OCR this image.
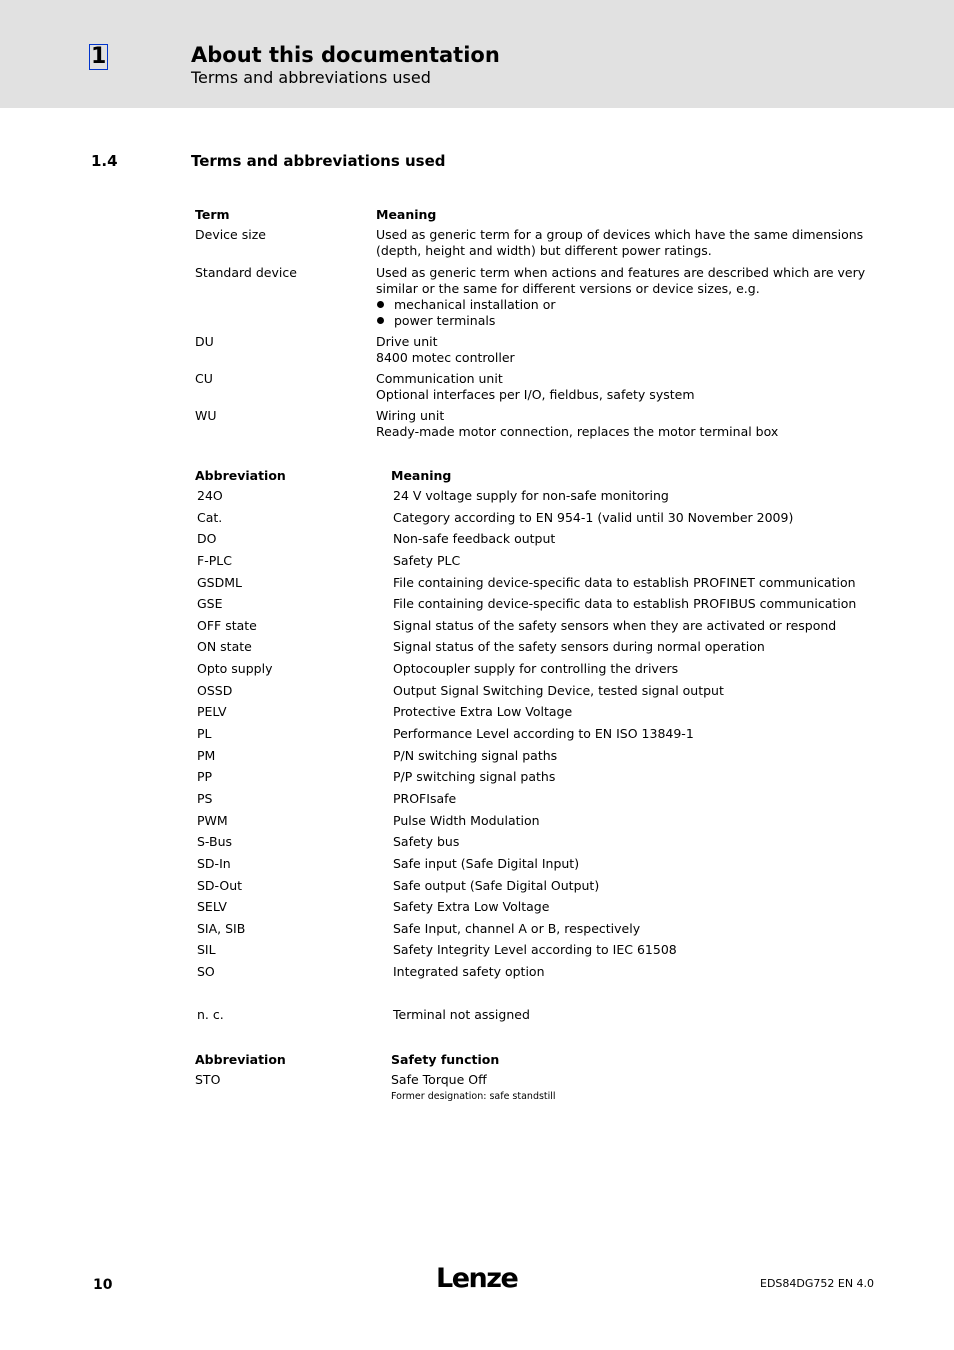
1	About this documentation
Terms and abbreviations used
1.4	Terms and abbreviations used
Term	Meaning
Device size	Used as generic term for a group of devices which have the same dimensions
(depth, height and width) but different power ratings.
Standard device	Used as generic term when actions and features are described which are very
similar or the same for different versions or device sizes, e.g.
mechanical installation or
power terminals
DU	Drive unit
8400 motec controller
CU	Communication unit
Optional interfaces per I/O, fieldbus, safety system
WU	Wiring unit
Ready-made motor connection, replaces the motor terminal box
Abbreviation	Meaning
24O	24 V voltage supply for non-safe monitoring
Cat.	Category according to EN 954-1 (valid until 30 November 2009)
DO	Non-safe feedback output
F-PLC	Safety PLC
GSDML	File containing device-specific data to establish PROFINET communication
GSE	File containing device-specific data to establish PROFIBUS communication
OFF state	Signal status of the safety sensors when they are activated or respond
ON state	Signal status of the safety sensors during normal operation
Opto supply	Optocoupler supply for controlling the drivers
OSSD	Output Signal Switching Device, tested signal output
PELV	Protective Extra Low Voltage
PL	Performance Level according to EN ISO 13849-1
PM	P/N switching signal paths
PP	P/P switching signal paths
PS	PROFIsafe
PWM	Pulse Width Modulation
S-Bus	Safety bus
SD-In	Safe input (Safe Digital Input)
SD-Out	Safe output (Safe Digital Output)
SELV	Safety Extra Low Voltage
SIA, SIB	Safe Input, channel A or B, respectively
SIL	Safety Integrity Level according to IEC 61508
SO	Integrated safety option
n. c.	Terminal not assigned
Abbreviation	Safety function
STO	Safe Torque Off
Former designation: safe standstill
10	Lenze	EDS84DG752 EN 4.0
